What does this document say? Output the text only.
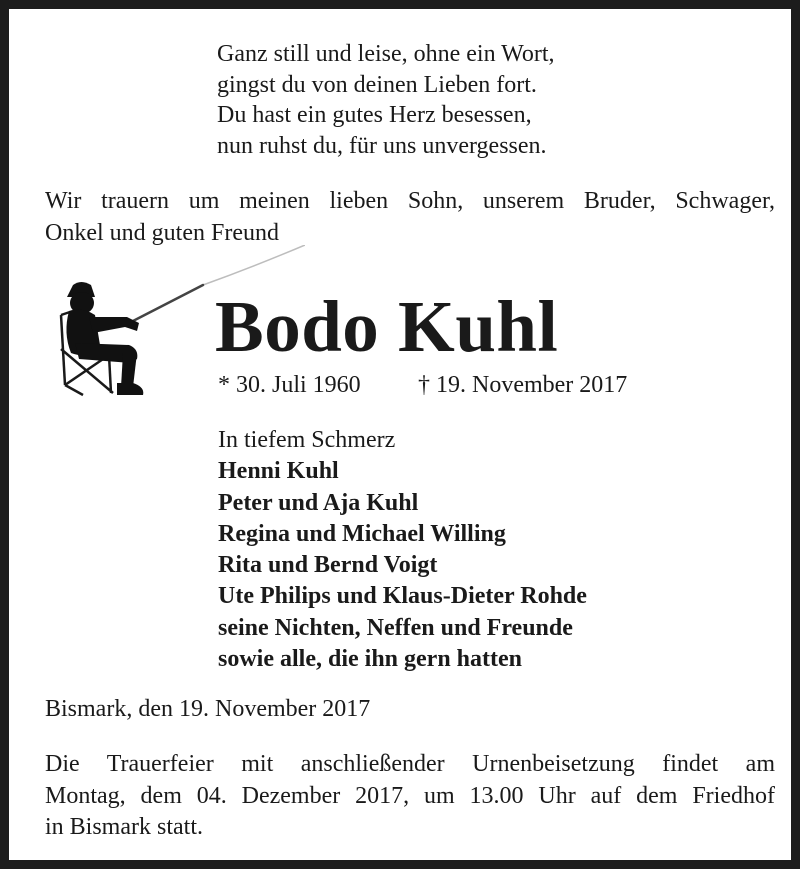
Ganz still und leise, ohne ein Wort,
gingst du von deinen Lieben fort.
Du hast ein gutes Herz besessen,
nun ruhst du, für uns unvergessen.
Wir trauern um meinen lieben Sohn, unserem Bruder, Schwager,
Onkel und guten Freund
Bodo Kuhl
* 30. Juli 1960 † 19. November 2017
In tiefem Schmerz
Henni Kuhl
Peter und Aja Kuhl
Regina und Michael Willing
Rita und Bernd Voigt
Ute Philips und Klaus-Dieter Rohde
seine Nichten, Neffen und Freunde
sowie alle, die ihn gern hatten
Bismark, den 19. November 2017
Die Trauerfeier mit anschließender Urnenbeisetzung findet am
Montag, dem 04. Dezember 2017, um 13.00 Uhr auf dem Friedhof
in Bismark statt.
